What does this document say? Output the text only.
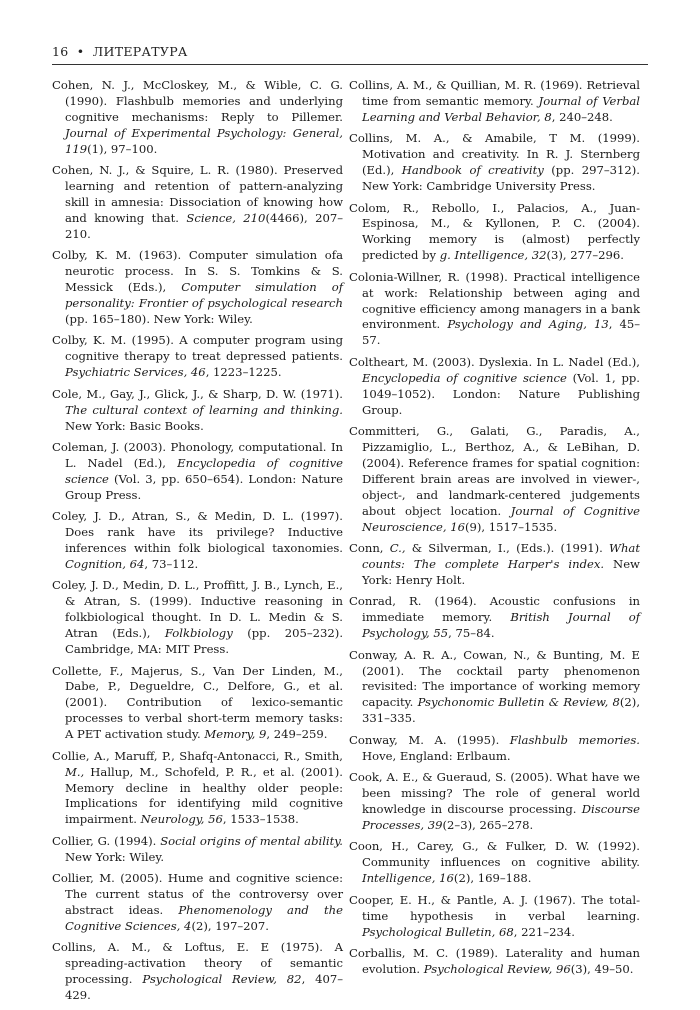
16 • ЛИТЕРАТУРА

Cohen, N. J., McCloskey, M., & Wible, C. G. (1990). Flashbulb memories and underlying cognitive mechanisms: Reply to Pillemer. Journal of Experimental Psychology: General, 119(1), 97–100.

Cohen, N. J., & Squire, L. R. (1980). Preserved learning and retention of pattern-analyzing skill in amnesia: Dissociation of knowing how and knowing that. Science, 210(4466), 207–210.

Colby, K. M. (1963). Computer simulation ofa neurotic process. In S. S. Tomkins & S. Messick (Eds.), Computer simulation of personality: Frontier of psychological research (pp. 165–180). New York: Wiley.

Colby, K. M. (1995). A computer program using cognitive therapy to treat depressed patients. Psychiatric Services, 46, 1223–1225.

Cole, M., Gay, J., Glick, J., & Sharp, D. W. (1971). The cultural context of learning and thinking. New York: Basic Books.

Coleman, J. (2003). Phonology, computational. In L. Nadel (Ed.), Encyclopedia of cognitive science (Vol. 3, pp. 650–654). London: Nature Group Press.

Coley, J. D., Atran, S., & Medin, D. L. (1997). Does rank have its privilege? Inductive inferences within folk biological taxonomies. Cognition, 64, 73–112.

Coley, J. D., Medin, D. L., Proffitt, J. B., Lynch, E., & Atran, S. (1999). Inductive reasoning in folkbiological thought. In D. L. Medin & S. Atran (Eds.), Folkbiology (pp. 205–232). Cambridge, MA: MIT Press.

Collette, F., Majerus, S., Van Der Linden, M., Dabe, P., Degueldre, C., Delfore, G., et al. (2001). Contribution of lexico-semantic processes to verbal short-term memory tasks: A PET activation study. Memory, 9, 249–259.

Collie, A., Maruff, P., Shafq-Antonacci, R., Smith, M., Hallup, M., Schofeld, P. R., et al. (2001). Memory decline in healthy older people: Implications for identifying mild cognitive impairment. Neurology, 56, 1533–1538.

Collier, G. (1994). Social origins of mental ability. New York: Wiley.

Collier, M. (2005). Hume and cognitive science: The current status of the controversy over abstract ideas. Phenomenology and the Cognitive Sciences, 4(2), 197–207.

Collins, A. M., & Loftus, E. E (1975). A spreading-activation theory of semantic processing. Psychological Review, 82, 407–429.

Collins, A. M., & Quillian, M. R. (1969). Retrieval time from semantic memory. Journal of Verbal Learning and Verbal Behavior, 8, 240–248.

Collins, M. A., & Amabile, T M. (1999). Motivation and creativity. In R. J. Sternberg (Ed.), Handbook of creativity (pp. 297–312). New York: Cambridge University Press.

Colom, R., Rebollo, I., Palacios, A., Juan-Espinosa, M., & Kyllonen, P. C. (2004). Working memory is (almost) perfectly predicted by g. Intelligence, 32(3), 277–296.

Colonia-Willner, R. (1998). Practical intelligence at work: Relationship between aging and cognitive efficiency among managers in a bank environment. Psychology and Aging, 13, 45–57.

Coltheart, M. (2003). Dyslexia. In L. Nadel (Ed.), Encyclopedia of cognitive science (Vol. 1, pp. 1049–1052). London: Nature Publishing Group.

Committeri, G., Galati, G., Paradis, A., Pizzamiglio, L., Berthoz, A., & LeBihan, D. (2004). Reference frames for spatial cognition: Different brain areas are involved in viewer-, object-, and landmark-centered judgements about object location. Journal of Cognitive Neuroscience, 16(9), 1517–1535.

Conn, C., & Silverman, I., (Eds.). (1991). What counts: The complete Harper's index. New York: Henry Holt.

Conrad, R. (1964). Acoustic confusions in immediate memory. British Journal of Psychology, 55, 75–84.

Conway, A. R. A., Cowan, N., & Bunting, M. E (2001). The cocktail party phenomenon revisited: The importance of working memory capacity. Psychonomic Bulletin & Review, 8(2), 331–335.

Conway, M. A. (1995). Flashbulb memories. Hove, England: Erlbaum.

Cook, A. E., & Gueraud, S. (2005). What have we been missing? The role of general world knowledge in discourse processing. Discourse Processes, 39(2–3), 265–278.

Coon, H., Carey, G., & Fulker, D. W. (1992). Community influences on cognitive ability. Intelligence, 16(2), 169–188.

Cooper, E. H., & Pantle, A. J. (1967). The total-time hypothesis in verbal learning. Psychological Bulletin, 68, 221–234.

Corballis, M. C. (1989). Laterality and human evolution. Psychological Review, 96(3), 49–50.
